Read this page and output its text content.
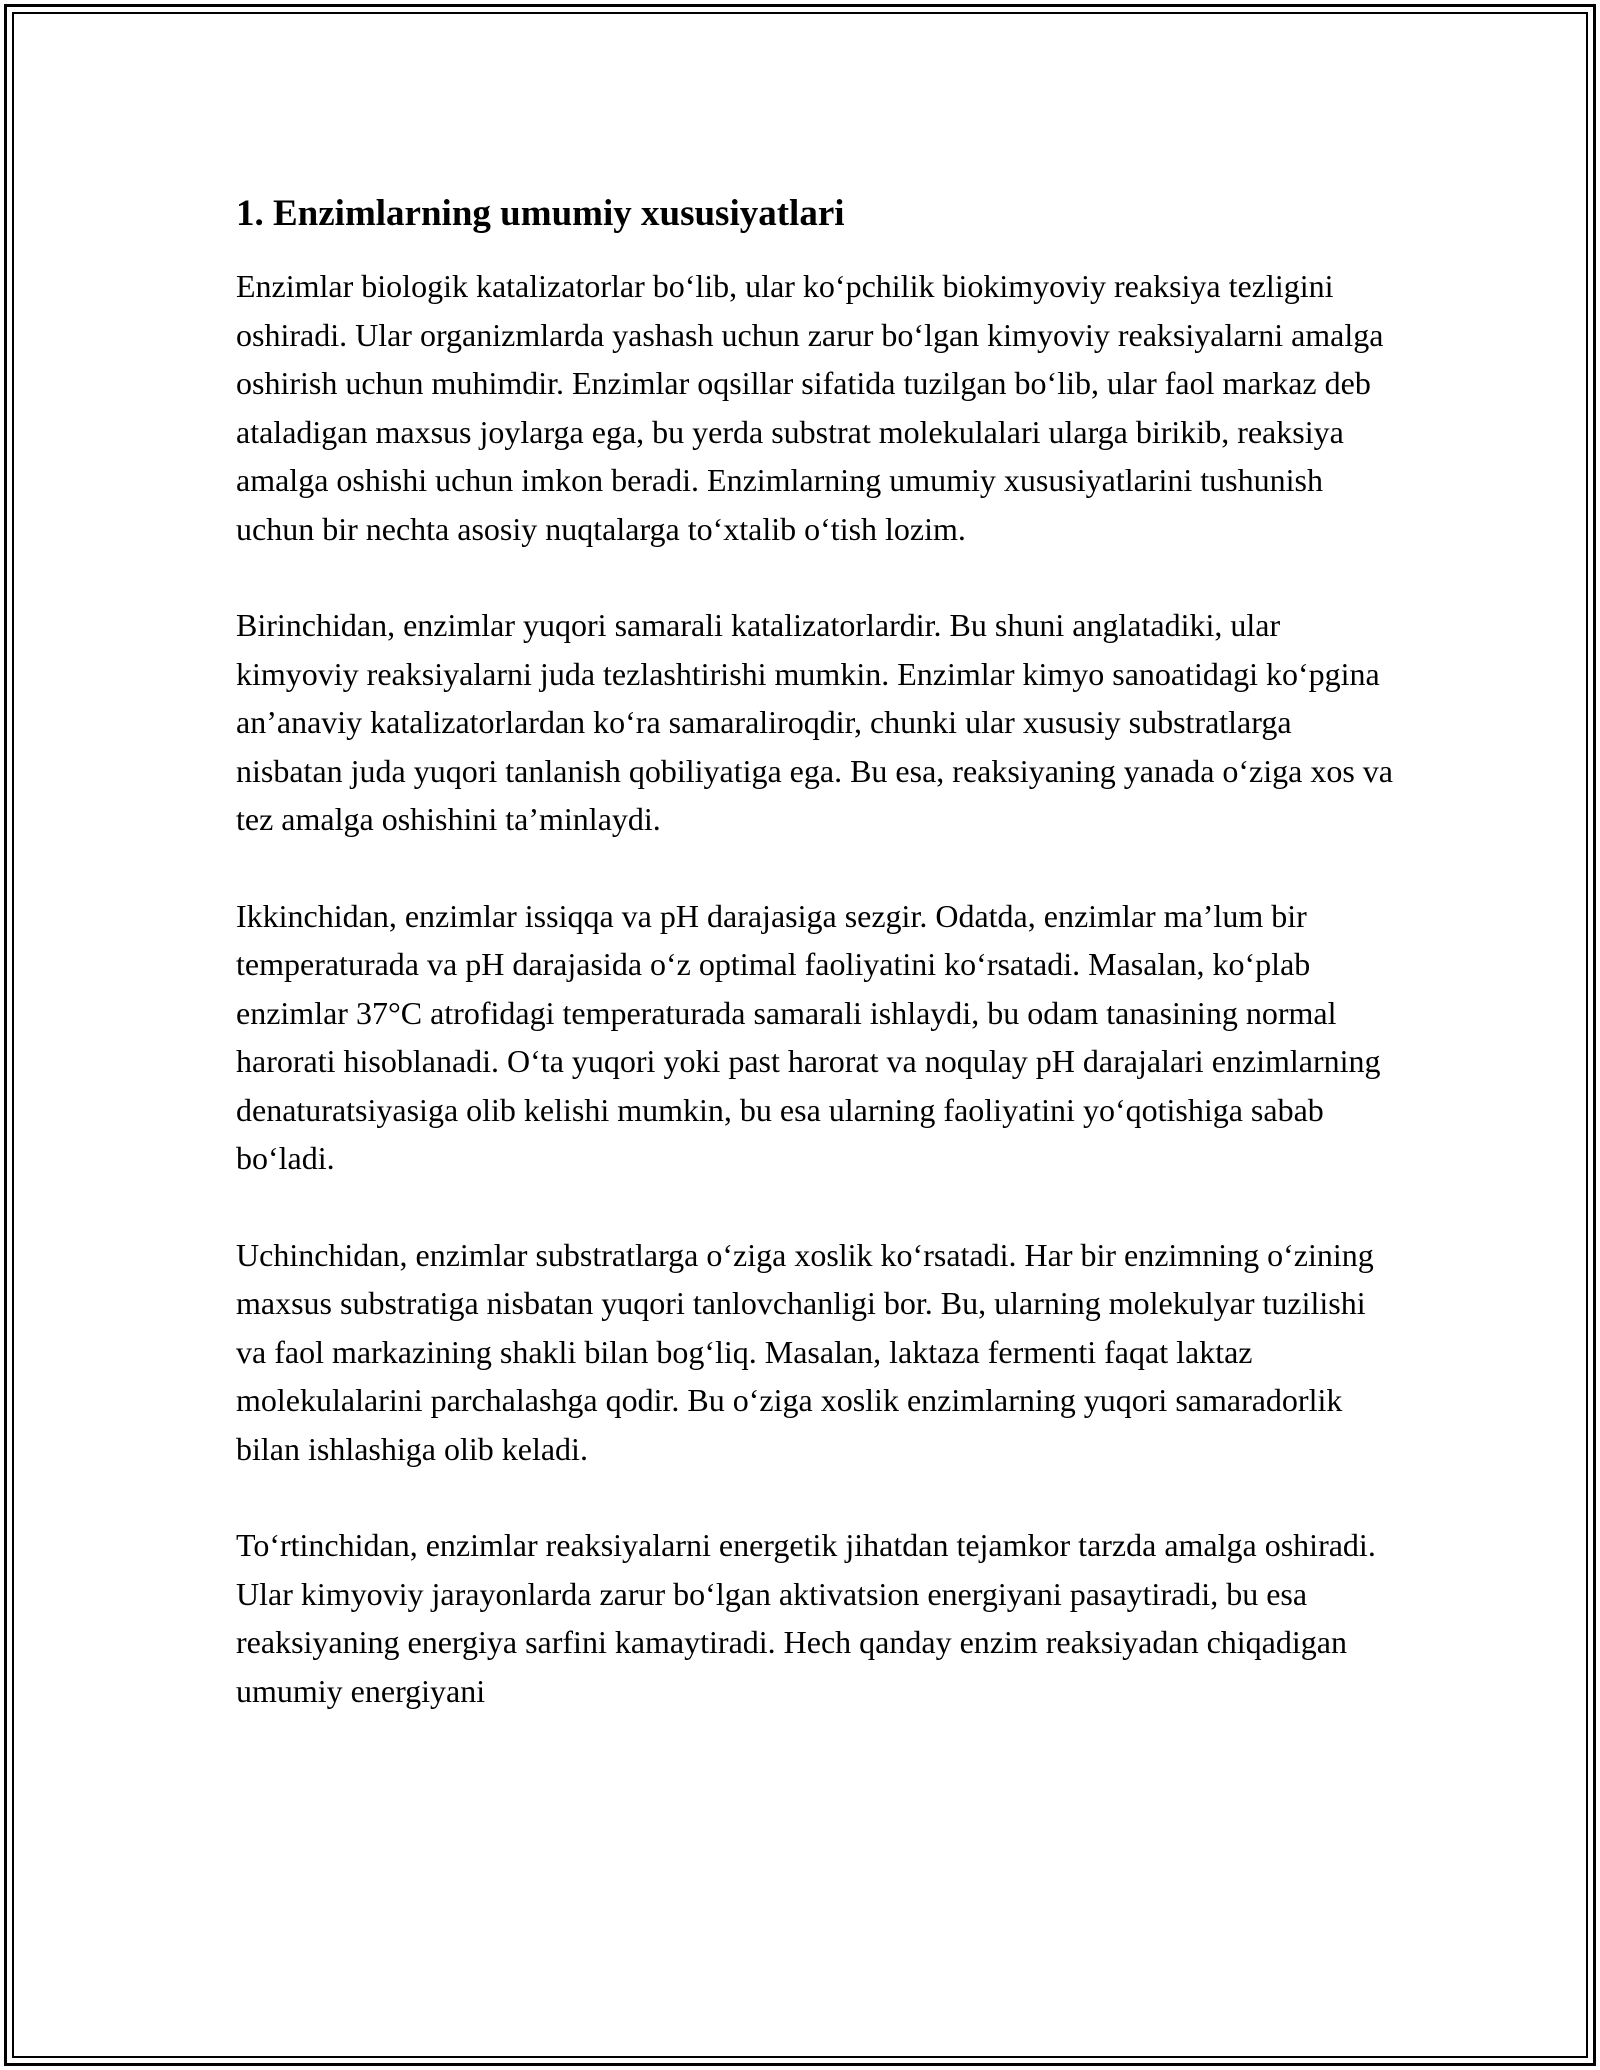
1. Enzimlarning umumiy xususiyatlari

Enzimlar biologik katalizatorlar bo‘lib, ular ko‘pchilik biokimyoviy reaksiya tezligini oshiradi. Ular organizmlarda yashash uchun zarur bo‘lgan kimyoviy reaksiyalarni amalga oshirish uchun muhimdir. Enzimlar oqsillar sifatida tuzilgan bo‘lib, ular faol markaz deb ataladigan maxsus joylarga ega, bu yerda substrat molekulalari ularga birikib, reaksiya amalga oshishi uchun imkon beradi. Enzimlarning umumiy xususiyatlarini tushunish uchun bir nechta asosiy nuqtalarga to‘xtalib o‘tish lozim.

Birinchidan, enzimlar yuqori samarali katalizatorlardir. Bu shuni anglatadiki, ular kimyoviy reaksiyalarni juda tezlashtirishi mumkin. Enzimlar kimyo sanoatidagi ko‘pgina an’anaviy katalizatorlardan ko‘ra samaraliroqdir, chunki ular xususiy substratlarga nisbatan juda yuqori tanlanish qobiliyatiga ega. Bu esa, reaksiyaning yanada o‘ziga xos va tez amalga oshishini ta’minlaydi.

Ikkinchidan, enzimlar issiqqa va pH darajasiga sezgir. Odatda, enzimlar ma’lum bir temperaturada va pH darajasida o‘z optimal faoliyatini ko‘rsatadi. Masalan, ko‘plab enzimlar 37°C atrofidagi temperaturada samarali ishlaydi, bu odam tanasining normal harorati hisoblanadi. O‘ta yuqori yoki past harorat va noqulay pH darajalari enzimlarning denaturatsiyasiga olib kelishi mumkin, bu esa ularning faoliyatini yo‘qotishiga sabab bo‘ladi.

Uchinchidan, enzimlar substratlarga o‘ziga xoslik ko‘rsatadi. Har bir enzimning o‘zining maxsus substratiga nisbatan yuqori tanlovchanligi bor. Bu, ularning molekulyar tuzilishi va faol markazining shakli bilan bog‘liq. Masalan, laktaza fermenti faqat laktaz molekulalarini parchalashga qodir. Bu o‘ziga xoslik enzimlarning yuqori samaradorlik bilan ishlashiga olib keladi.

To‘rtinchidan, enzimlar reaksiyalarni energetik jihatdan tejamkor tarzda amalga oshiradi. Ular kimyoviy jarayonlarda zarur bo‘lgan aktivatsion energiyani pasaytiradi, bu esa reaksiyaning energiya sarfini kamaytiradi. Hech qanday enzim reaksiyadan chiqadigan umumiy energiyani
